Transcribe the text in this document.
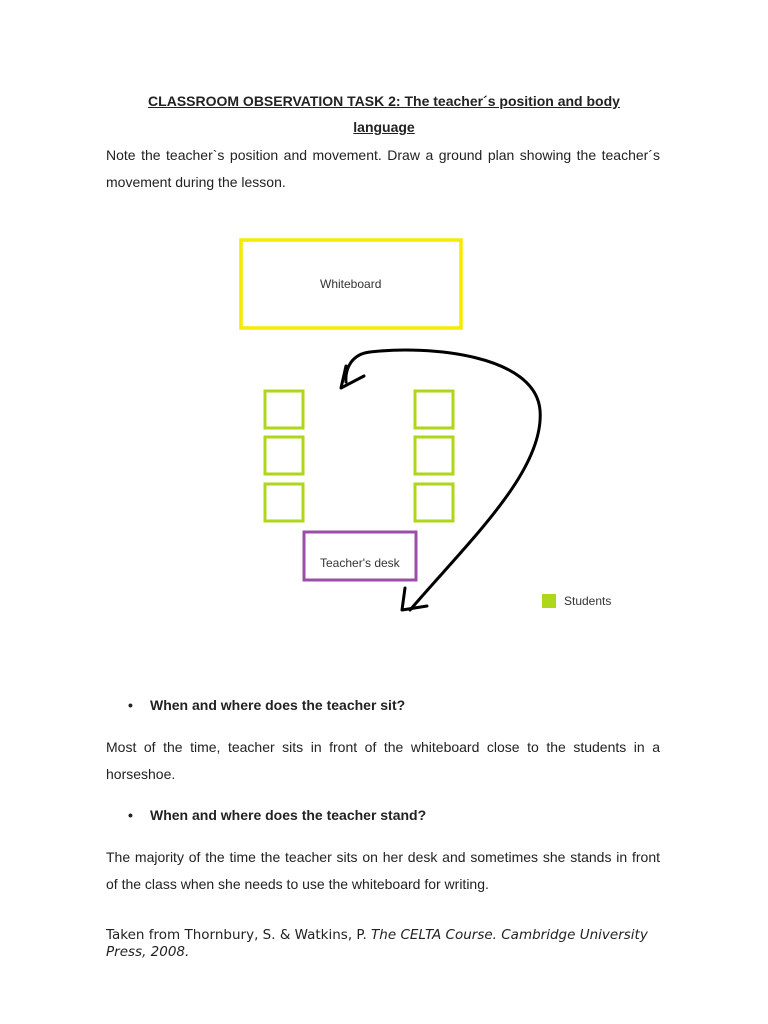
CLASSROOM OBSERVATION TASK 2: The teacher´s position and body
language
Note the teacher`s position and movement. Draw a ground plan showing the teacher´s movement during the lesson.
Whiteboard
Teacher's desk
Students
• When and where does the teacher sit?
Most of the time, teacher sits in front of the whiteboard close to the students in a horseshoe.
• When and where does the teacher stand?
The majority of the time the teacher sits on her desk and sometimes she stands in front of the class when she needs to use the whiteboard for writing.
Taken from Thornbury, S. & Watkins, P. The CELTA Course. Cambridge University Press, 2008.
